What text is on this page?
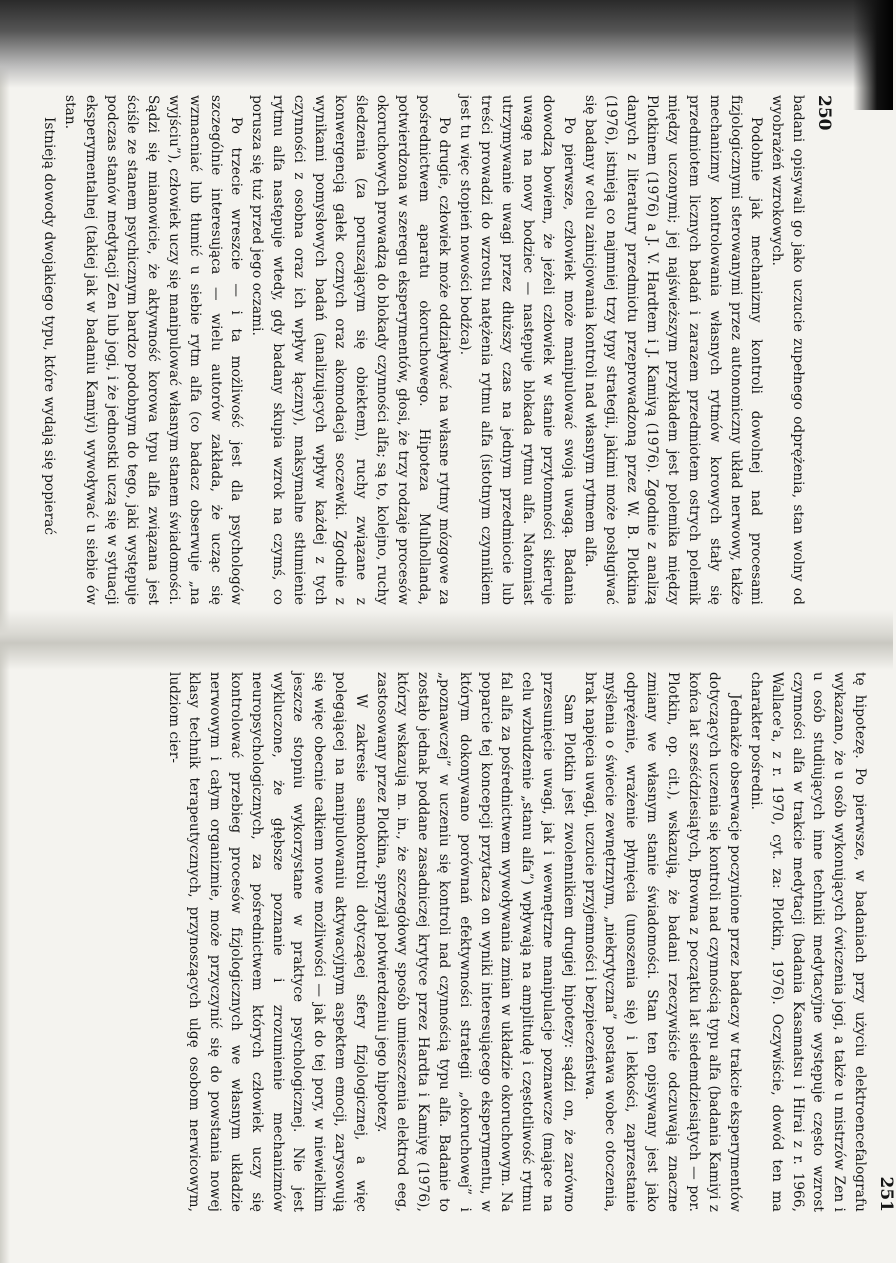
250

badani opisywali go jako uczucie zupełnego odprężenia, stan wolny od wyobrażeń wzrokowych.

Podobnie jak mechanizmy kontroli dowolnej nad procesami fizjologicznymi sterowanymi przez autonomiczny układ nerwowy, także mechanizmy kontrolowania własnych rytmów korowych stały się przedmiotem licznych badań i zarazem przedmiotem ostrych polemik między uczonymi; jej najświeższym przykładem jest polemika między Plotkinem (1976) a J. V. Hardtem i J. Kamiyą (1976). Zgodnie z analizą danych z literatury przedmiotu przeprowadzoną przez W. B. Plotkina (1976), istnieją co najmniej trzy typy strategii, jakimi może posługiwać się badany w celu zainicjowania kontroli nad własnym rytmem alfa.

Po pierwsze, człowiek może manipulować swoją uwagą. Badania dowodzą bowiem, że jeżeli człowiek w stanie przytomności skieruje uwagę na nowy bodziec — następuje blokada rytmu alfa. Natomiast utrzymywanie uwagi przez dłuższy czas na jednym przedmiocie lub treści prowadzi do wzrostu natężenia rytmu alfa (istotnym czynnikiem jest tu więc stopień nowości bodźca).

Po drugie, człowiek może oddziaływać na własne rytmy mózgowe za pośrednictwem aparatu okoruchowego. Hipoteza Mulhollanda, potwierdzona w szeregu eksperymentów, głosi, że trzy rodzaje procesów okoruchowych prowadzą do blokady czynności alfa; są to, kolejno, ruchy śledzenia (za poruszającym się obiektem), ruchy związane z konwergencją gałek ocznych oraz akomodacja soczewki. Zgodnie z wynikami pomysłowych badań (analizujących wpływ każdej z tych czynności z osobna oraz ich wpływ łączny), maksymalne stłumienie rytmu alfa następuje wtedy, gdy badany skupia wzrok na czymś, co porusza się tuż przed jego oczami.

Po trzecie wreszcie — i ta możliwość jest dla psychologów szczególnie interesująca — wielu autorów zakłada, że ucząc się wzmacniać lub tłumić u siebie rytm alfa (co badacz obserwuje „na wyjściu”), człowiek uczy się manipulować własnym stanem świadomości. Sądzi się mianowicie, że aktywność korowa typu alfa związana jest ściśle ze stanem psychicznym bardzo podobnym do tego, jaki występuje podczas stanów medytacji Zen lub jogi, i że jednostki uczą się w sytuacji eksperymentalnej (takiej jak w badaniu Kamiyi) wywoływać u siebie ów stan.

Istnieją dowody dwojakiego typu, które wydają się popierać

251

tę hipotezę. Po pierwsze, w badaniach przy użyciu elektroencefalografu wykazano, że u osób wykonujących ćwiczenia jogi, a także u mistrzów Zen i u osób studiujących inne techniki medytacyjne występuje często wzrost czynności alfa w trakcie medytacji (badania Kasamatsu i Hirai z r. 1966, Wallace'a, z r. 1970, cyt. za: Plotkin, 1976). Oczywiście, dowód ten ma charakter pośredni.

Jednakże obserwacje poczynione przez badaczy w trakcie eksperymentów dotyczących uczenia się kontroli nad czynnością typu alfa (badania Kamiyi z końca lat sześćdziesiątych, Browna z początku lat siedemdziesiątych — por. Plotkin, op. cit.), wskazują, że badani rzeczywiście odczuwają znaczne zmiany we własnym stanie świadomości. Stan ten opisywany jest jako odprężenie, wrażenie płynięcia (unoszenia się) i lekkości, zaprzestanie myślenia o świecie zewnętrznym, „niekrytyczna” postawa wobec otoczenia, brak napięcia uwagi, uczucie przyjemności i bezpieczeństwa.

Sam Plotkin jest zwolennikiem drugiej hipotezy: sądzi on, że zarówno przesunięcie uwagi, jak i wewnętrzne manipulacje poznawcze (mające na celu wzbudzenie „stanu alfa”) wpływają na amplitudę i częstotliwość rytmu fal alfa za pośrednictwem wywoływania zmian w układzie okoruchowym. Na poparcie tej koncepcji przytacza on wyniki interesującego eksperymentu, w którym dokonywano porównań efektywności strategii „okoruchowej” i „poznawczej” w uczeniu się kontroli nad czynnością typu alfa. Badanie to zostało jednak poddane zasadniczej krytyce przez Hardta i Kamiyę (1976), którzy wskazują m. in., że szczegółowy sposób umieszczenia elektrod eeg, zastosowany przez Plotkina, sprzyjał potwierdzeniu jego hipotezy.

W zakresie samokontroli dotyczącej sfery fizjologicznej, a więc polegającej na manipulowaniu aktywacyjnym aspektem emocji, zarysowują się więc obecnie całkiem nowe możliwości — jak do tej pory, w niewielkim jeszcze stopniu wykorzystane w praktyce psychologicznej. Nie jest wykluczone, że głębsze poznanie i zrozumienie mechanizmów neuropsychologicznych, za pośrednictwem których człowiek uczy się kontrolować przebieg procesów fizjologicznych we własnym układzie nerwowym i całym organizmie, może przyczynić się do powstania nowej klasy technik terapeutycznych, przynoszących ulgę osobom nerwicowym, ludziom cier-
